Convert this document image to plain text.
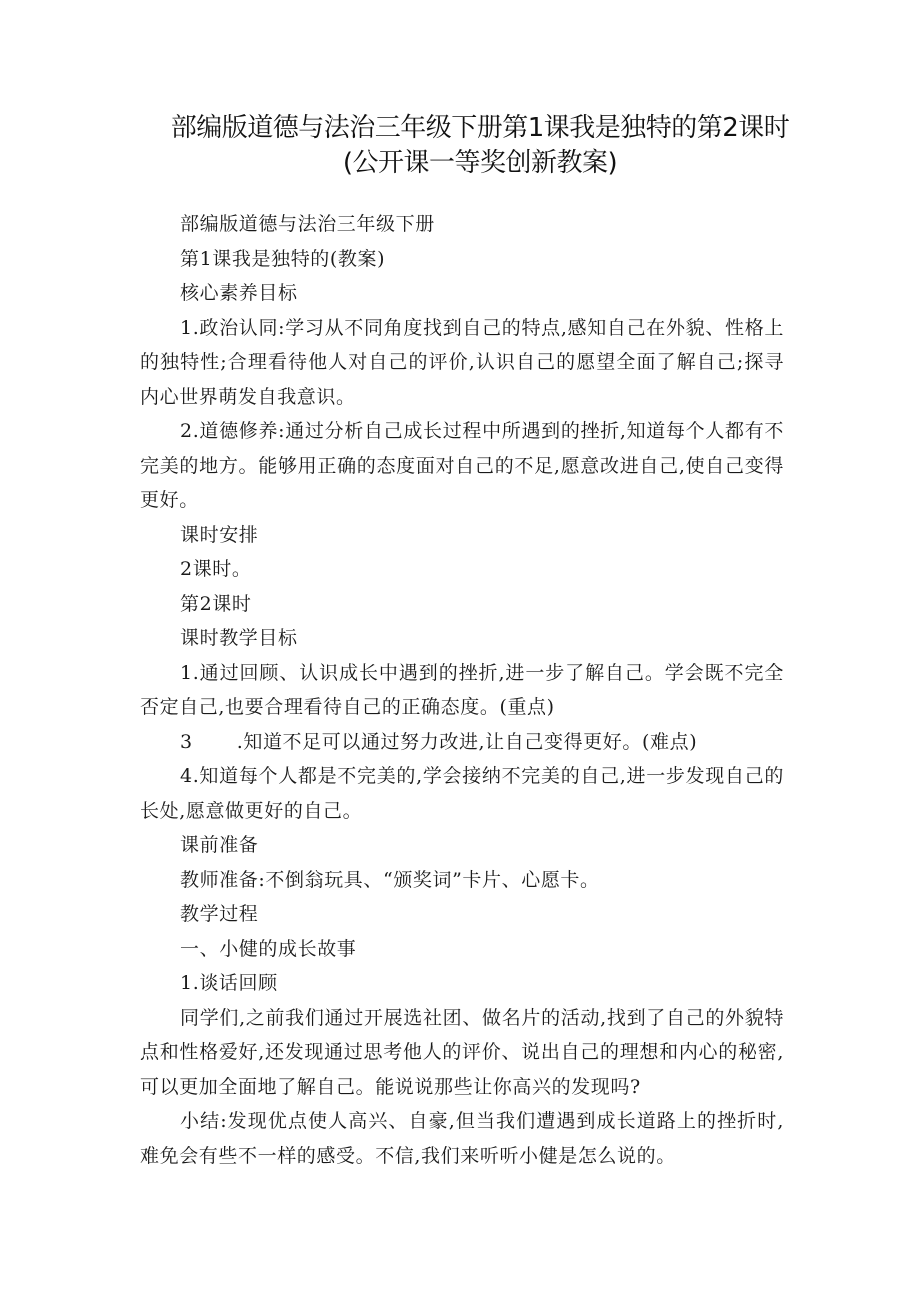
部编版道德与法治三年级下册第1课我是独特的第2课时
(公开课一等奖创新教案)

部编版道德与法治三年级下册

第1课我是独特的(教案)

核心素养目标

1.政治认同:学习从不同角度找到自己的特点,感知自己在外貌、性格上的独特性;合理看待他人对自己的评价,认识自己的愿望全面了解自己;探寻内心世界萌发自我意识。

2.道德修养:通过分析自己成长过程中所遇到的挫折,知道每个人都有不完美的地方。能够用正确的态度面对自己的不足,愿意改进自己,使自己变得更好。

课时安排

2课时。

第2课时

课时教学目标

1.通过回顾、认识成长中遇到的挫折,进一步了解自己。学会既不完全否定自己,也要合理看待自己的正确态度。(重点)

3 .知道不足可以通过努力改进,让自己变得更好。(难点)

4.知道每个人都是不完美的,学会接纳不完美的自己,进一步发现自己的长处,愿意做更好的自己。

课前准备

教师准备:不倒翁玩具、“颁奖词”卡片、心愿卡。

教学过程

一、小健的成长故事

1.谈话回顾

同学们,之前我们通过开展选社团、做名片的活动,找到了自己的外貌特点和性格爱好,还发现通过思考他人的评价、说出自己的理想和内心的秘密,可以更加全面地了解自己。能说说那些让你高兴的发现吗?

小结:发现优点使人高兴、自豪,但当我们遭遇到成长道路上的挫折时,难免会有些不一样的感受。不信,我们来听听小健是怎么说的。
